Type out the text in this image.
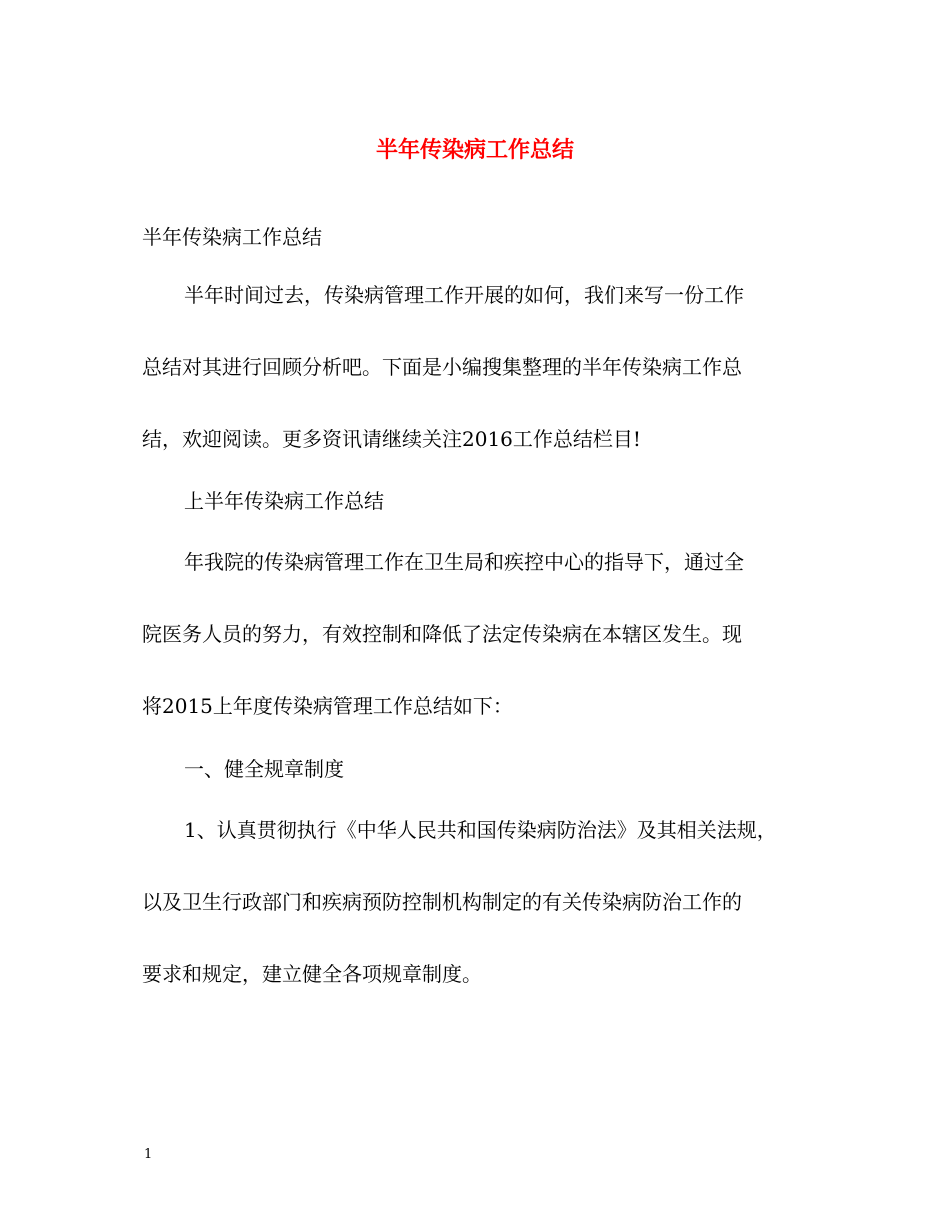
半年传染病工作总结

半年传染病工作总结

半年时间过去，传染病管理工作开展的如何，我们来写一份工作

总结对其进行回顾分析吧。下面是小编搜集整理的半年传染病工作总

结，欢迎阅读。更多资讯请继续关注2016工作总结栏目!

上半年传染病工作总结

年我院的传染病管理工作在卫生局和疾控中心的指导下，通过全

院医务人员的努力，有效控制和降低了法定传染病在本辖区发生。现

将2015上年度传染病管理工作总结如下：

一、健全规章制度

1、认真贯彻执行《中华人民共和国传染病防治法》及其相关法规，

以及卫生行政部门和疾病预防控制机构制定的有关传染病防治工作的

要求和规定，建立健全各项规章制度。

1
